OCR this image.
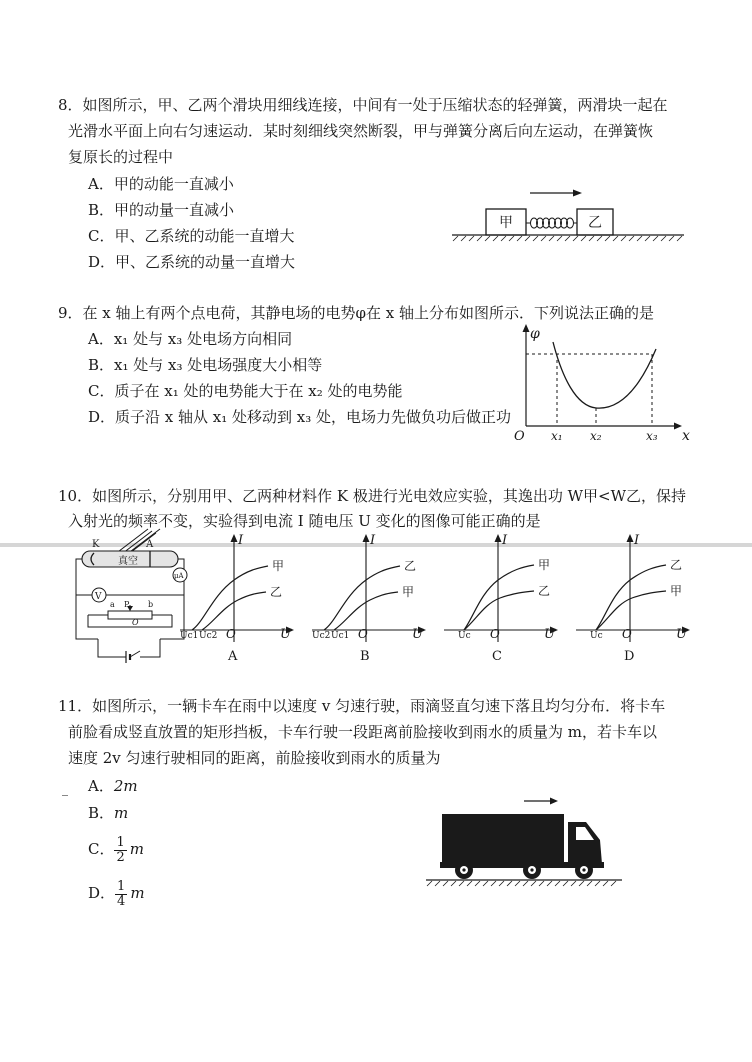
8．如图所示，甲、乙两个滑块用细线连接，中间有一处于压缩状态的轻弹簧，两滑块一起在
光滑水平面上向右匀速运动．某时刻细线突然断裂，甲与弹簧分离后向左运动，在弹簧恢
复原长的过程中
A．甲的动能一直减小
B．甲的动量一直减小
C．甲、乙系统的动能一直增大
D．甲、乙系统的动量一直增大
甲	乙
9．在 x 轴上有两个点电荷，其静电场的电势φ在 x 轴上分布如图所示．下列说法正确的是
A．x₁ 处与 x₃ 处电场方向相同
B．x₁ 处与 x₃ 处电场强度大小相等
C．质子在 x₁ 处的电势能大于在 x₂ 处的电势能
D．质子沿 x 轴从 x₁ 处移动到 x₃ 处，电场力先做负功后做正功
φ
x
O x₁ x₂	x₃
10．如图所示，分别用甲、乙两种材料作 K 极进行光电效应实验，其逸出功 W甲<W乙，保持
入射光的频率不变，实验得到电流 I 随电压 U 变化的图像可能正确的是
K	A
真空
μA
V
a P b
O
I
U
O
甲
乙
Uc1 Uc2
A
I
U
O
乙
甲
Uc2 Uc1
B
I
U
O
甲
乙
Uc
C
I
U
O
乙
甲
Uc
D
11．如图所示，一辆卡车在雨中以速度 v 匀速行驶，雨滴竖直匀速下落且均匀分布．将卡车
前脸看成竖直放置的矩形挡板，卡车行驶一段距离前脸接收到雨水的质量为 m，若卡车以
速度 2v 匀速行驶相同的距离，前脸接收到雨水的质量为
A．2m
B．m
C． $\frac{1}{2}$ m
D． $\frac{1}{4}$ m
